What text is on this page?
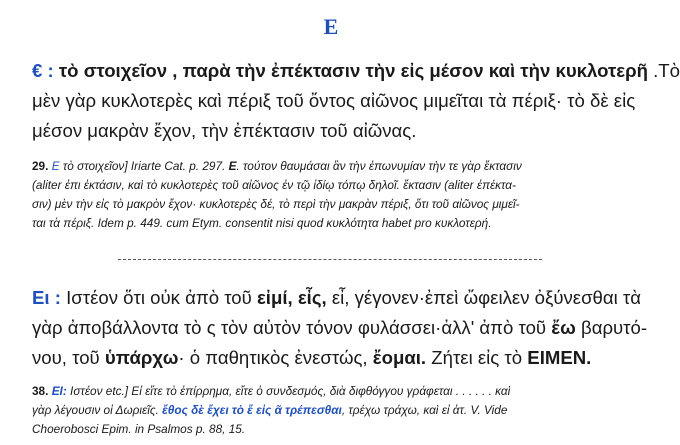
E
€ : τὸ στοιχεῖον , παρὰ τὴν ἐπέκτασιν τὴν εἰς μέσον καὶ τὴν κυκλοτερῆ .Τὸ
μὲν γὰρ κυκλοτερὲς καὶ πέριξ τοῦ ὄντος αἰῶνος μιμεῖται τὰ πέριξ· τὸ δὲ εἰς
μέσον μακρὰν ἔχον, τὴν ἐπέκτασιν τοῦ αἰῶνας.
29. E τὸ στοιχεῖον] Iriarte Cat. p. 297. E. τούτον θαυμάσαι ἂν τὴν ἐπωνυμίαν τὴν τε γὰρ ἔκτασιν
(aliter ἐπι ἐκτάσιν, καὶ τὸ κυκλοτερὲς τοῦ αἰῶνος ἐν τῷ ἰδίῳ τόπῳ δηλοῖ. ἔκτασιν (aliter ἐπέκτα-
σιν) μὲν τὴν εἰς τὸ μακρὸν ἔχον· κυκλοτερὲς δέ, τὸ περὶ τὴν μακρὰν πέριξ, ὅτι τοῦ αἰῶνος μιμεῖ-
ται τὰ πέριξ. Idem p. 449. cum Etym. consentit nisi quod κυκλότητα habet pro κυκλοτερή.
Ει : Ιστέον ὅτι οὐκ ἀπὸ τοῦ εἰμί, εἶς, εἶ, γέγονεν·ἐπεὶ ὤφειλεν ὀξύνεσθαι τὰ
γὰρ ἀποβάλλοντα τὸ ς τὸν αὐτὸν τόνον φυλάσσει·ἀλλ' ἀπὸ τοῦ ἔω βαρυτό-
νου, τοῦ ὑπάρχω· ὁ παθητικὸς ἐνεστώς, ἔομαι. Ζήτει εἰς τὸ ΕΙΜΕΝ.
38. EI: Ιστέον etc.] Εἰ εἴτε τὸ ἐπίρρημα, εἴτε ὁ συνδεσμός, διὰ διφθόγγου γράφεται . . . . . . καὶ
γὰρ λέγουσιν οἱ Δωριεῖς. ἔθος δὲ ἔχει τὸ ἔ εἰς ᾶ τρέπεσθαι, τρέχω τράχω, καὶ εἰ ἀτ. V. Vide
Choerobosci Epim. in Psalmos p. 88, 15.
